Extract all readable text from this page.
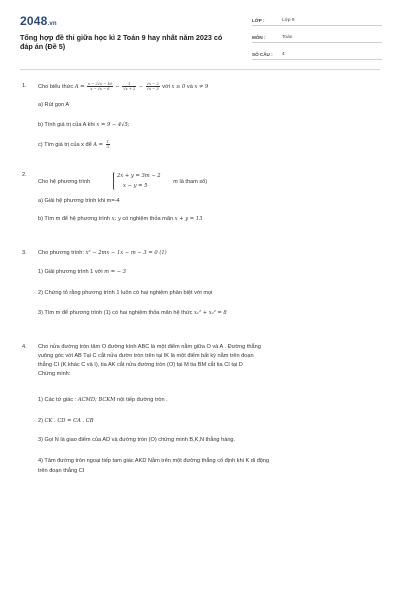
2048.vn
Tổng hợp đề thi giữa học kì 2 Toán 9 hay nhất năm 2023 có đáp án (Đề 5)
LỚP :	Lớp 9
MÔN :	Toán
SỐ CÂU :	4
1. Cho biểu thức $A = \frac{x - 2√x - 16}{x - √x - 6} - \frac{1}{√x + 2} - \frac{√x - 2}{√x - 3}$ với x ≥ 0 và x ≠ 9
a) Rút gọn A
b) Tính giá trị của A khi x = 9 − 4√5;
c) Tìm giá trị của x để $A = \frac{1}{3}$
2.
Cho hệ phương trình
2x + y = 3m − 2
x − y = 5
m là tham số)
a) Giải hệ phương trình khi m=-4
b) Tìm m để hệ phương trình x; y có nghiệm thỏa mãn x + y = 13
3. Cho phương trình: x² − 2mx − 1x − m − 3 = 0 (1)
1) Giải phương trình 1 với m = − 3
2) Chứng tỏ rằng phương trình 1 luôn có hai nghiệm phân biệt với mọi
3) Tìm m để phương trình (1) có hai nghiệm thỏa mãn hệ thức x₁² + x₂² = 8
4. Cho nửa đường tròn tâm O đường kính ABC là một điểm nằm giữa O và A . Đường thẳng
vuông góc với AB Tại C cắt nửa đườn tròn trên tại IK là một điểm bất kỳ nằm trên đoạn
thẳng CI (K khác C và I), tia AK cắt nửa đường tròn (O) tại M tia BM cắt tia CI tại D
Chứng minh:
1) Các tứ giác : ACMD; BCKM nội tiếp đường tròn .
2) CK . CD = CA . CB
3) Gọi N là giao điểm của AD và đường tròn (O) chứng minh B,K,N thẳng hàng.
4) Tâm đường tròn ngoại tiếp tam giác AKD Nằm trên một đường thẳng cố định khi K di động
trên đoạn thẳng CI
